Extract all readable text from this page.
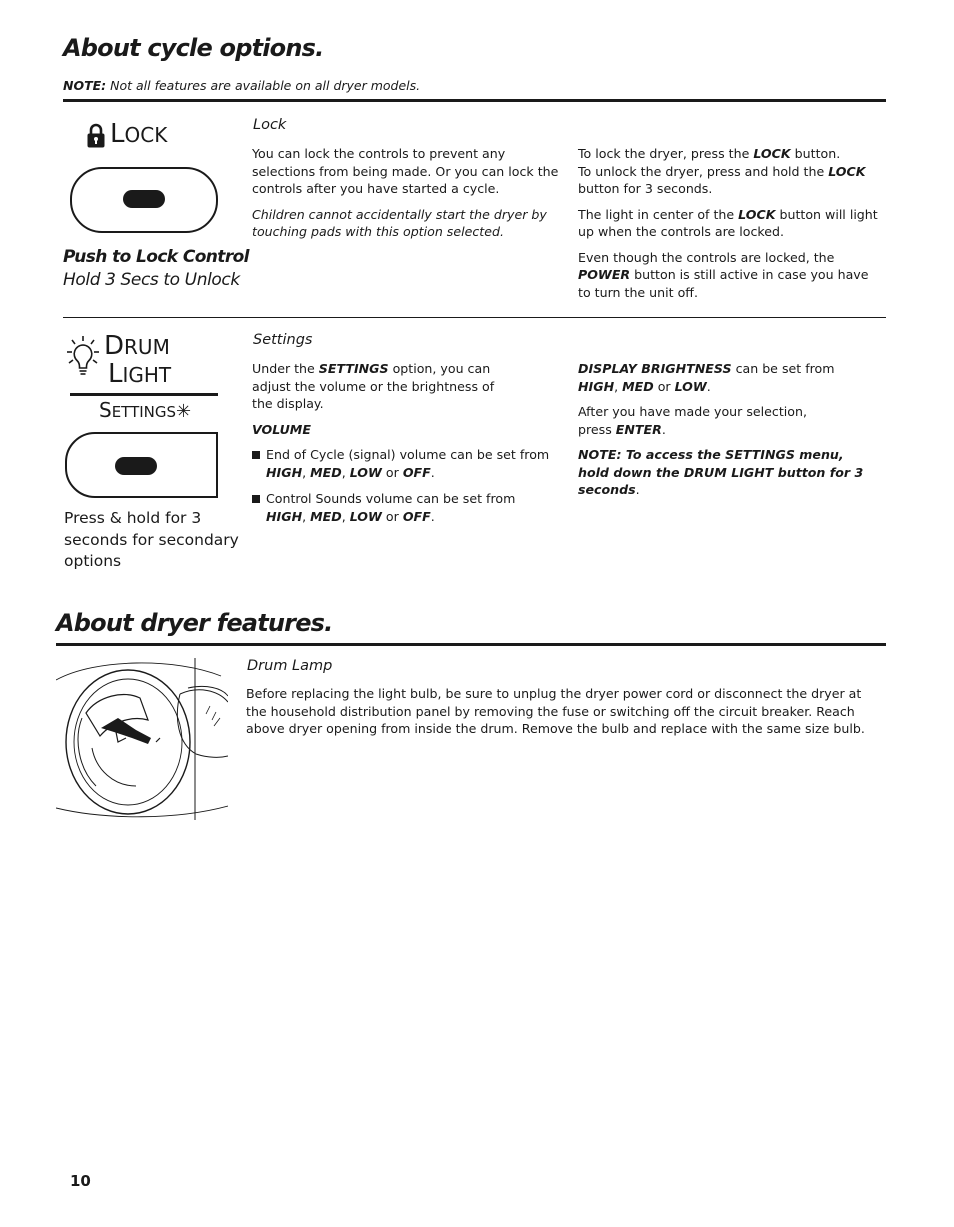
About cycle options.
NOTE: Not all features are available on all dryer models.
L OCK
Push to Lock Control
Hold 3 Secs to Unlock
Lock

You can lock the controls to prevent any selections from being made. Or you can lock the controls after you have started a cycle.

Children cannot accidentally start the dryer by touching pads with this option selected.

To lock the dryer, press the LOCK button.
To unlock the dryer, press and hold the LOCK button for 3 seconds.

The light in center of the LOCK button will light up when the controls are locked.

Even though the controls are locked, the POWER button is still active in case you have to turn the unit off.

DRUM
LIGHT
SETTINGS✳
Press & hold for 3 seconds for secondary options
Settings

Under the SETTINGS option, you can adjust the volume or the brightness of the display.

VOLUME

End of Cycle (signal) volume can be set from HIGH, MED, LOW or OFF.
Control Sounds volume can be set from HIGH, MED, LOW or OFF.

DISPLAY BRIGHTNESS can be set from HIGH, MED or LOW.

After you have made your selection, press ENTER.

NOTE: To access the SETTINGS menu, hold down the DRUM LIGHT button for 3 seconds.

About dryer features.
Drum Lamp
Before replacing the light bulb, be sure to unplug the dryer power cord or disconnect the dryer at the household distribution panel by removing the fuse or switching off the circuit breaker. Reach above dryer opening from inside the drum. Remove the bulb and replace with the same size bulb.
10
